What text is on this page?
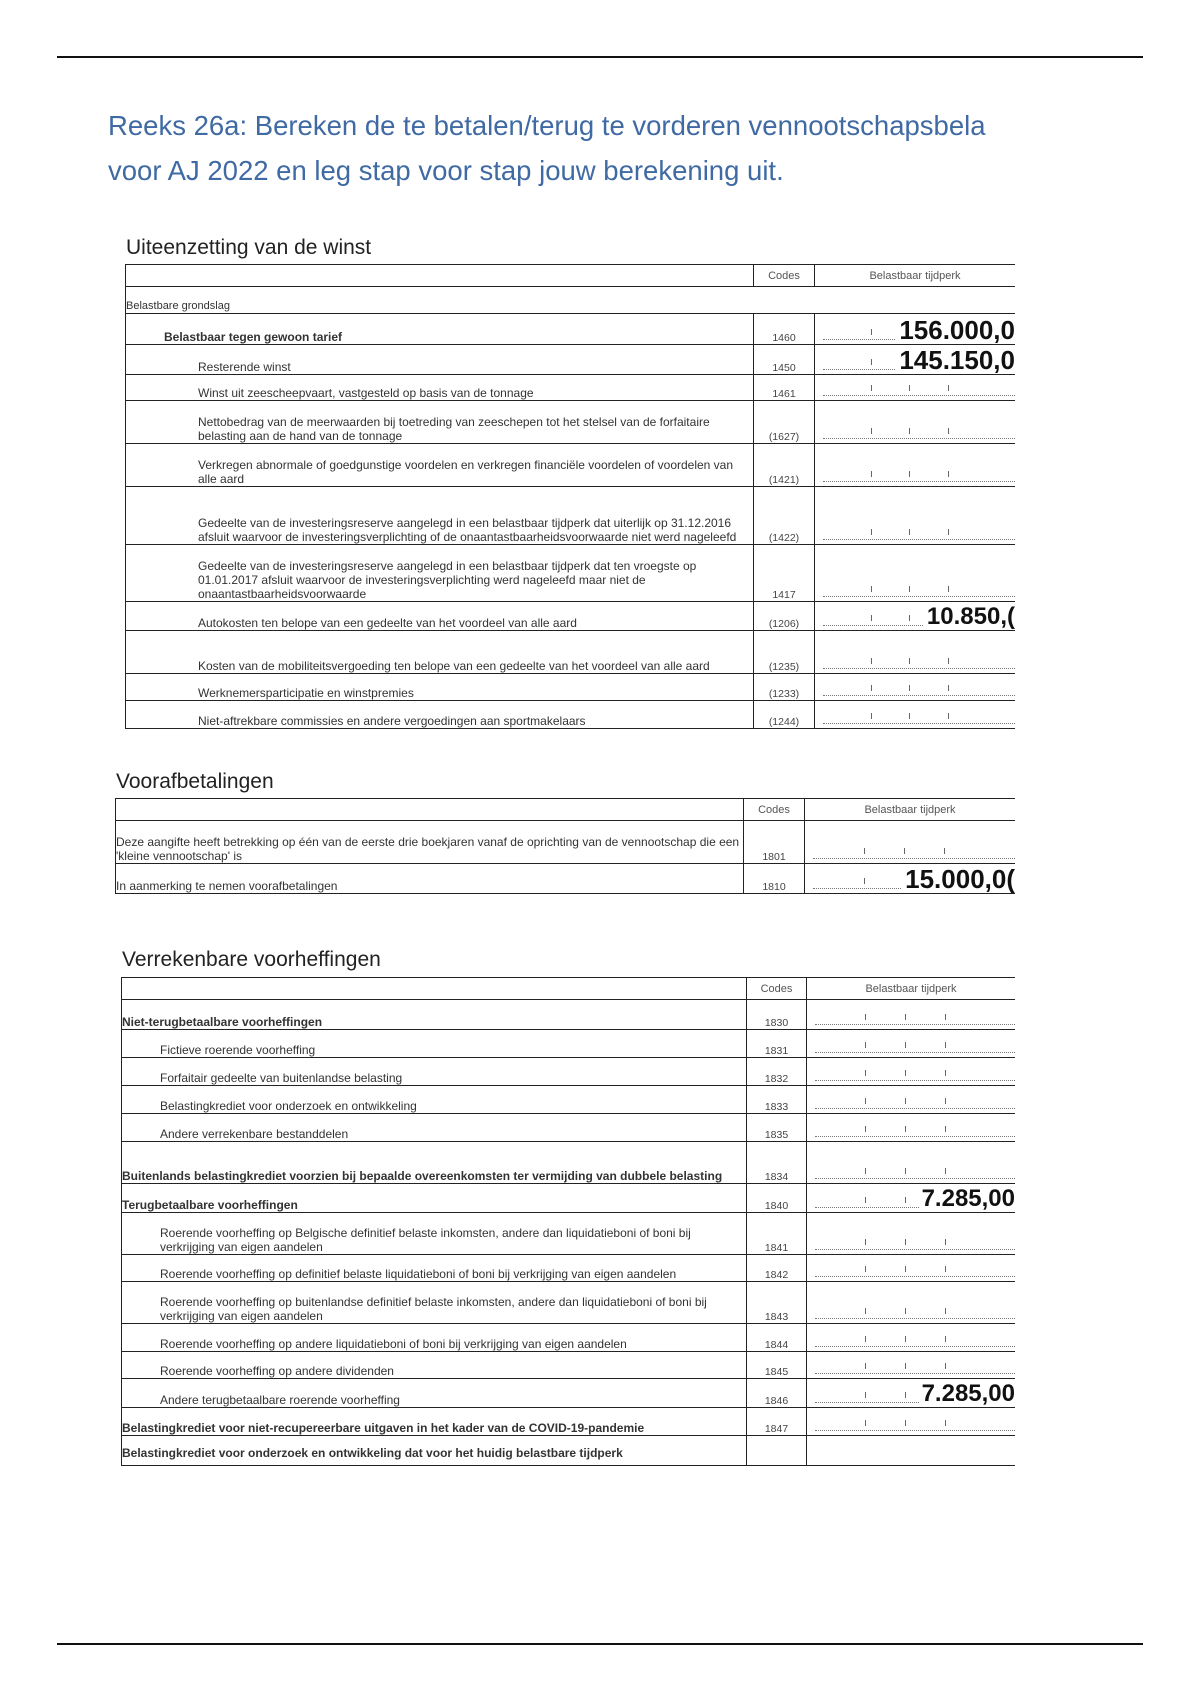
Reeks 26a: Bereken de te betalen/terug te vorderen vennootschapsbela
voor AJ 2022 en leg stap voor stap jouw berekening uit.
Uiteenzetting van de winst
	Codes	Belastbaar tijdperk
Belastbare grondslag		
Belastbaar tegen gewoon tarief	1460	156.000,0

Resterende winst	1450	145.150,0

Winst uit zeescheepvaart, vastgesteld op basis van de tonnage	1461	

Nettobedrag van de meerwaarden bij toetreding van zeeschepen tot het stelsel van de forfaitaire belasting aan de hand van de tonnage	(1627)	

Verkregen abnormale of goedgunstige voordelen en verkregen financiële voordelen of voordelen van alle aard	(1421)	

Gedeelte van de investeringsreserve aangelegd in een belastbaar tijdperk dat uiterlijk op 31.12.2016 afsluit waarvoor de investeringsverplichting of de onaantastbaarheidsvoorwaarde niet werd nageleefd	(1422)	

Gedeelte van de investeringsreserve aangelegd in een belastbaar tijdperk dat ten vroegste op 01.01.2017 afsluit waarvoor de investeringsverplichting werd nageleefd maar niet de onaantastbaarheidsvoorwaarde	1417	

Autokosten ten belope van een gedeelte van het voordeel van alle aard	(1206)	10.850,(

Kosten van de mobiliteitsvergoeding ten belope van een gedeelte van het voordeel van alle aard	(1235)	

Werknemersparticipatie en winstpremies	(1233)	

Niet-aftrekbare commissies en andere vergoedingen aan sportmakelaars	(1244)	
Voorafbetalingen
	Codes	Belastbaar tijdperk
Deze aangifte heeft betrekking op één van de eerste drie boekjaren vanaf de oprichting van de vennootschap die een 'kleine vennootschap' is	1801	

In aanmerking te nemen voorafbetalingen	1810	15.000,0(
Verrekenbare voorheffingen
	Codes	Belastbaar tijdperk
Niet-terugbetaalbare voorheffingen	1830	

Fictieve roerende voorheffing	1831	

Forfaitair gedeelte van buitenlandse belasting	1832	

Belastingkrediet voor onderzoek en ontwikkeling	1833	

Andere verrekenbare bestanddelen	1835	

Buitenlands belastingkrediet voorzien bij bepaalde overeenkomsten ter vermijding van dubbele belasting	1834	

Terugbetaalbare voorheffingen	1840	7.285,00

Roerende voorheffing op Belgische definitief belaste inkomsten, andere dan liquidatieboni of boni bij verkrijging van eigen aandelen	1841	

Roerende voorheffing op definitief belaste liquidatieboni of boni bij verkrijging van eigen aandelen	1842	

Roerende voorheffing op buitenlandse definitief belaste inkomsten, andere dan liquidatieboni of boni bij verkrijging van eigen aandelen	1843	

Roerende voorheffing op andere liquidatieboni of boni bij verkrijging van eigen aandelen	1844	

Roerende voorheffing op andere dividenden	1845	

Andere terugbetaalbare roerende voorheffing	1846	7.285,00

Belastingkrediet voor niet-recupereerbare uitgaven in het kader van de COVID-19-pandemie	1847	

Belastingkrediet voor onderzoek en ontwikkeling dat voor het huidig belastbare tijdperk		
